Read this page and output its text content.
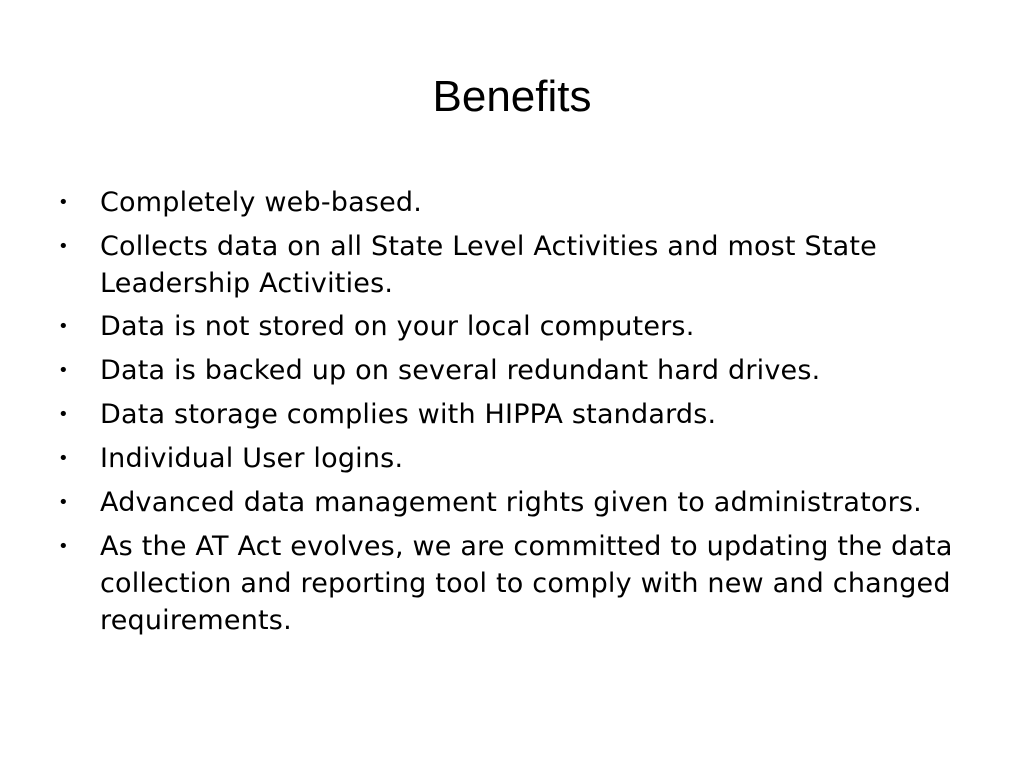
Benefits
•	Completely web-based.
•	Collects data on all State Level Activities and most State Leadership Activities.
•	Data is not stored on your local computers.
•	Data is backed up on several redundant hard drives.
•	Data storage complies with HIPPA standards.
•	Individual User logins.
•	Advanced data management rights given to administrators.
•	As the AT Act evolves, we are committed to updating the data collection and reporting tool to comply with new and changed requirements.
